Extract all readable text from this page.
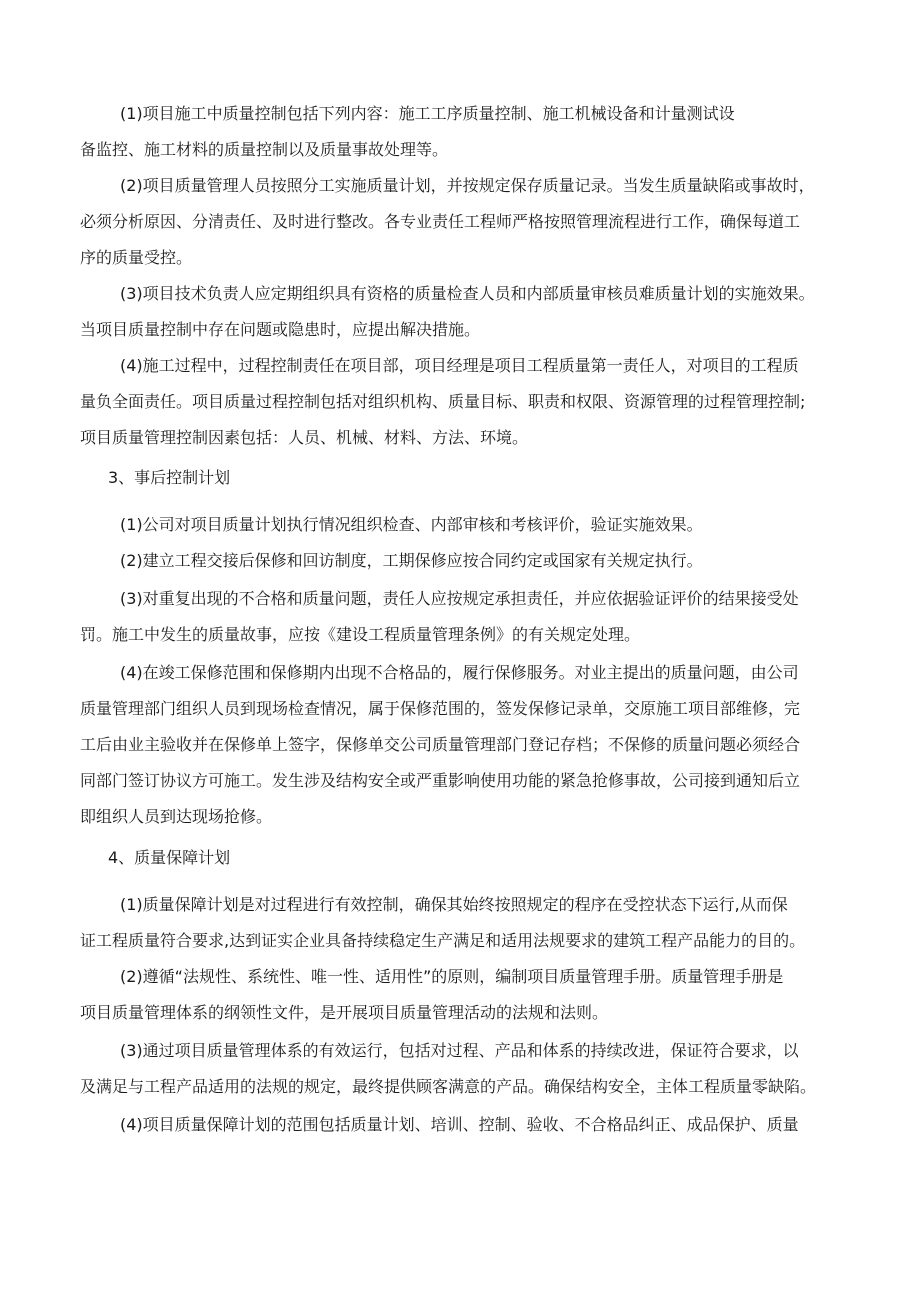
(1)项目施工中质量控制包括下列内容：施工工序质量控制、施工机械设备和计量测试设

备监控、施工材料的质量控制以及质量事故处理等。

(2)项目质量管理人员按照分工实施质量计划，并按规定保存质量记录。当发生质量缺陷或事故时，

必须分析原因、分清责任、及时进行整改。各专业责任工程师严格按照管理流程进行工作，确保每道工

序的质量受控。

(3)项目技术负责人应定期组织具有资格的质量检查人员和内部质量审核员难质量计划的实施效果。

当项目质量控制中存在问题或隐患时，应提出解决措施。

(4)施工过程中，过程控制责任在项目部，项目经理是项目工程质量第一责任人，对项目的工程质

量负全面责任。项目质量过程控制包括对组织机构、质量目标、职责和权限、资源管理的过程管理控制;

项目质量管理控制因素包括：人员、机械、材料、方法、环境。

3、事后控制计划

(1)公司对项目质量计划执行情况组织检查、内部审核和考核评价，验证实施效果。

(2)建立工程交接后保修和回访制度，工期保修应按合同约定或国家有关规定执行。

(3)对重复出现的不合格和质量问题，责任人应按规定承担责任，并应依据验证评价的结果接受处

罚。施工中发生的质量故事，应按《建设工程质量管理条例》的有关规定处理。

(4)在竣工保修范围和保修期内出现不合格品的，履行保修服务。对业主提出的质量问题，由公司

质量管理部门组织人员到现场检查情况，属于保修范围的，签发保修记录单，交原施工项目部维修，完

工后由业主验收并在保修单上签字，保修单交公司质量管理部门登记存档；不保修的质量问题必须经合

同部门签订协议方可施工。发生涉及结构安全或严重影响使用功能的紧急抢修事故，公司接到通知后立

即组织人员到达现场抢修。

4、质量保障计划

(1)质量保障计划是对过程进行有效控制，确保其始终按照规定的程序在受控状态下运行,从而保

证工程质量符合要求,达到证实企业具备持续稳定生产满足和适用法规要求的建筑工程产品能力的目的。

(2)遵循“法规性、系统性、唯一性、适用性”的原则，编制项目质量管理手册。质量管理手册是

项目质量管理体系的纲领性文件，是开展项目质量管理活动的法规和法则。

(3)通过项目质量管理体系的有效运行，包括对过程、产品和体系的持续改进，保证符合要求，以

及满足与工程产品适用的法规的规定，最终提供顾客满意的产品。确保结构安全，主体工程质量零缺陷。

(4)项目质量保障计划的范围包括质量计划、培训、控制、验收、不合格品纠正、成品保护、质量
